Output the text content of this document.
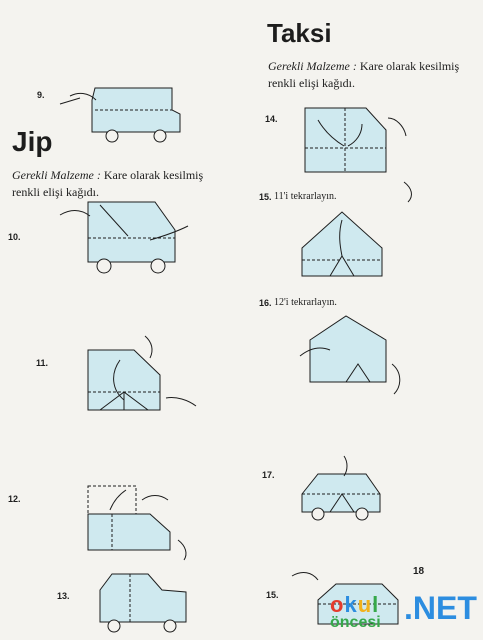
Taksi
Gerekli Malzeme : Kare olarak kesilmiş renkli elişi kağıdı.
Jip
Gerekli Malzeme : Kare olarak kesilmiş renkli elişi kağıdı.
9.
10.
11.
12.
13.
14.
15. 11'i tekrarlayın.
16. 12'i tekrarlayın.
17.
15.
18
okul
öncesi .NET
